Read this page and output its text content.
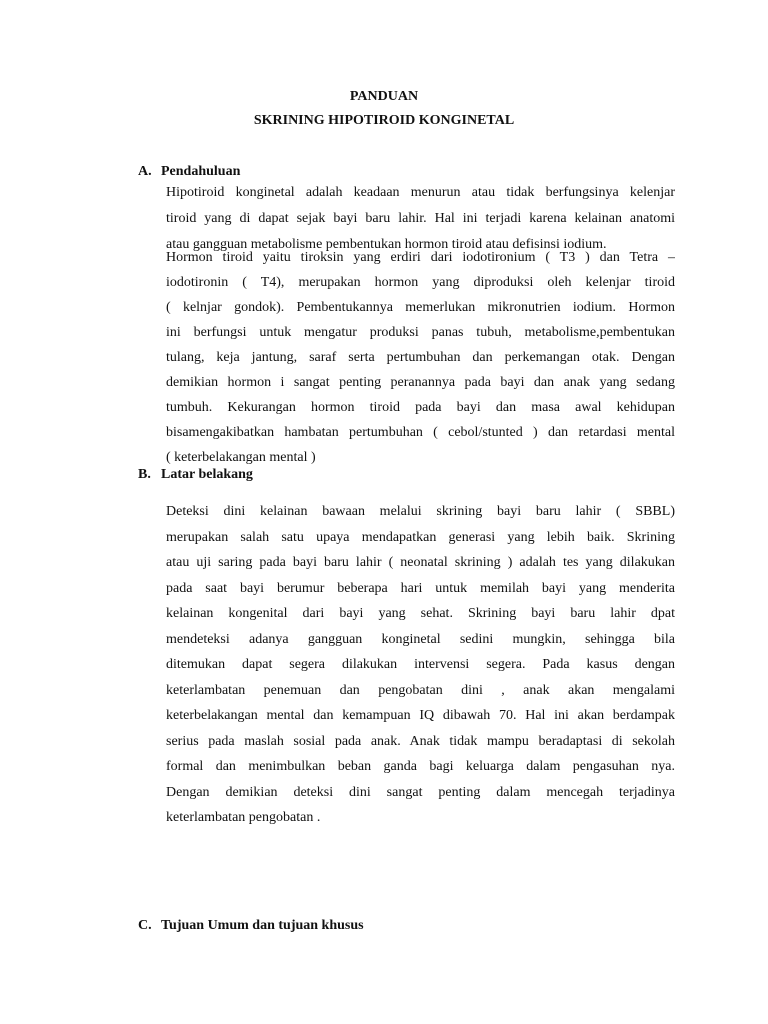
PANDUAN
SKRINING HIPOTIROID KONGINETAL
A. Pendahuluan
Hipotiroid konginetal adalah keadaan menurun atau tidak berfungsinya kelenjar
tiroid yang di dapat sejak bayi baru lahir. Hal ini terjadi karena kelainan anatomi
atau gangguan metabolisme pembentukan hormon tiroid atau defisinsi iodium.
Hormon tiroid yaitu tiroksin yang erdiri dari iodotironium ( T3 ) dan Tetra –
iodotironin ( T4), merupakan hormon yang diproduksi oleh kelenjar tiroid
( kelnjar gondok). Pembentukannya memerlukan mikronutrien iodium. Hormon
ini berfungsi untuk mengatur produksi panas tubuh, metabolisme,pembentukan
tulang, keja jantung, saraf serta pertumbuhan dan perkemangan otak. Dengan
demikian hormon i sangat penting peranannya pada bayi dan anak yang sedang
tumbuh. Kekurangan hormon tiroid pada bayi dan masa awal kehidupan
bisamengakibatkan hambatan pertumbuhan ( cebol/stunted ) dan retardasi mental
( keterbelakangan mental )
B. Latar belakang
Deteksi dini kelainan bawaan melalui skrining bayi baru lahir ( SBBL)
merupakan salah satu upaya mendapatkan generasi yang lebih baik. Skrining
atau uji saring pada bayi baru lahir ( neonatal skrining ) adalah tes yang dilakukan
pada saat bayi berumur beberapa hari untuk memilah bayi yang menderita
kelainan kongenital dari bayi yang sehat. Skrining bayi baru lahir dpat
mendeteksi adanya gangguan konginetal sedini mungkin, sehingga bila
ditemukan dapat segera dilakukan intervensi segera. Pada kasus dengan
keterlambatan penemuan dan pengobatan dini , anak akan mengalami
keterbelakangan mental dan kemampuan IQ dibawah 70. Hal ini akan berdampak
serius pada maslah sosial pada anak. Anak tidak mampu beradaptasi di sekolah
formal dan menimbulkan beban ganda bagi keluarga dalam pengasuhan nya.
Dengan demikian deteksi dini sangat penting dalam mencegah terjadinya
keterlambatan pengobatan .
C. Tujuan Umum dan tujuan khusus
